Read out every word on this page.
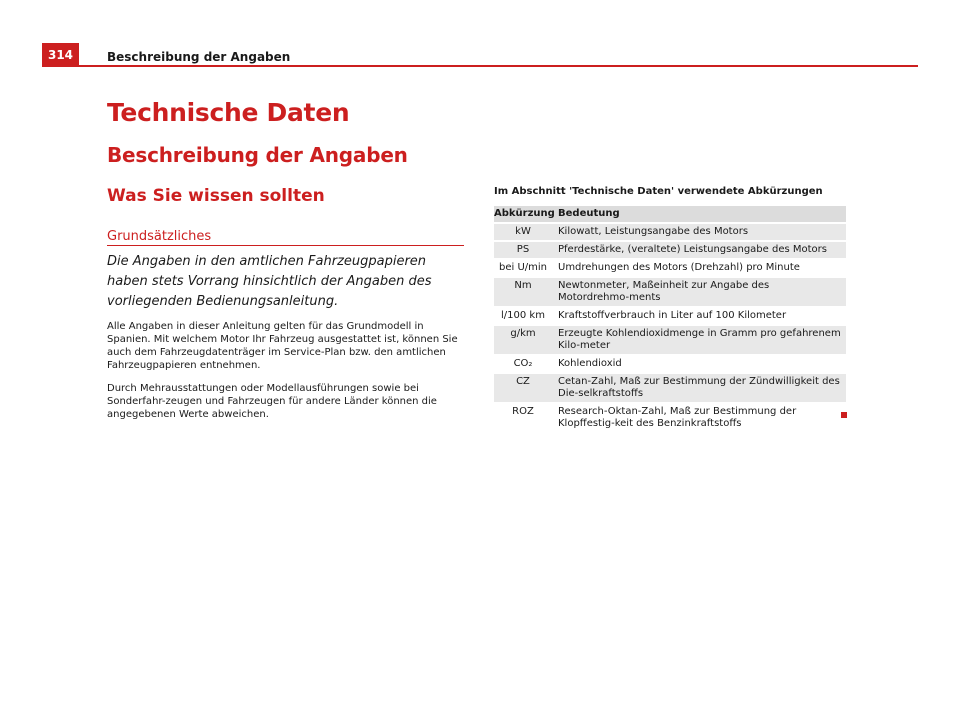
314	Beschreibung der Angaben
Technische Daten
Beschreibung der Angaben
Was Sie wissen sollten
Grundsätzliches
Die Angaben in den amtlichen Fahrzeugpapieren haben stets Vorrang hinsichtlich der Angaben des vorliegenden Bedienungsanleitung.
Alle Angaben in dieser Anleitung gelten für das Grundmodell in Spanien. Mit welchem Motor Ihr Fahrzeug ausgestattet ist, können Sie auch dem Fahrzeugdatenträger im Service-Plan bzw. den amtlichen Fahrzeugpapieren entnehmen.
Durch Mehrausstattungen oder Modellausführungen sowie bei Sonderfahr-zeugen und Fahrzeugen für andere Länder können die angegebenen Werte abweichen.
Im Abschnitt 'Technische Daten' verwendete Abkürzungen
Abkürzung Bedeutung
kW	Kilowatt, Leistungsangabe des Motors
PS	Pferdestärke, (veraltete) Leistungsangabe des Motors
bei U/min	Umdrehungen des Motors (Drehzahl) pro Minute
Nm	Newtonmeter, Maßeinheit zur Angabe des Motordrehmo-ments
l/100 km	Kraftstoffverbrauch in Liter auf 100 Kilometer
g/km	Erzeugte Kohlendioxidmenge in Gramm pro gefahrenem Kilo-meter
CO₂	Kohlendioxid
CZ	Cetan-Zahl, Maß zur Bestimmung der Zündwilligkeit des Die-selkraftstoffs
ROZ	Research-Oktan-Zahl, Maß zur Bestimmung der Klopffestig-keit des Benzinkraftstoffs
